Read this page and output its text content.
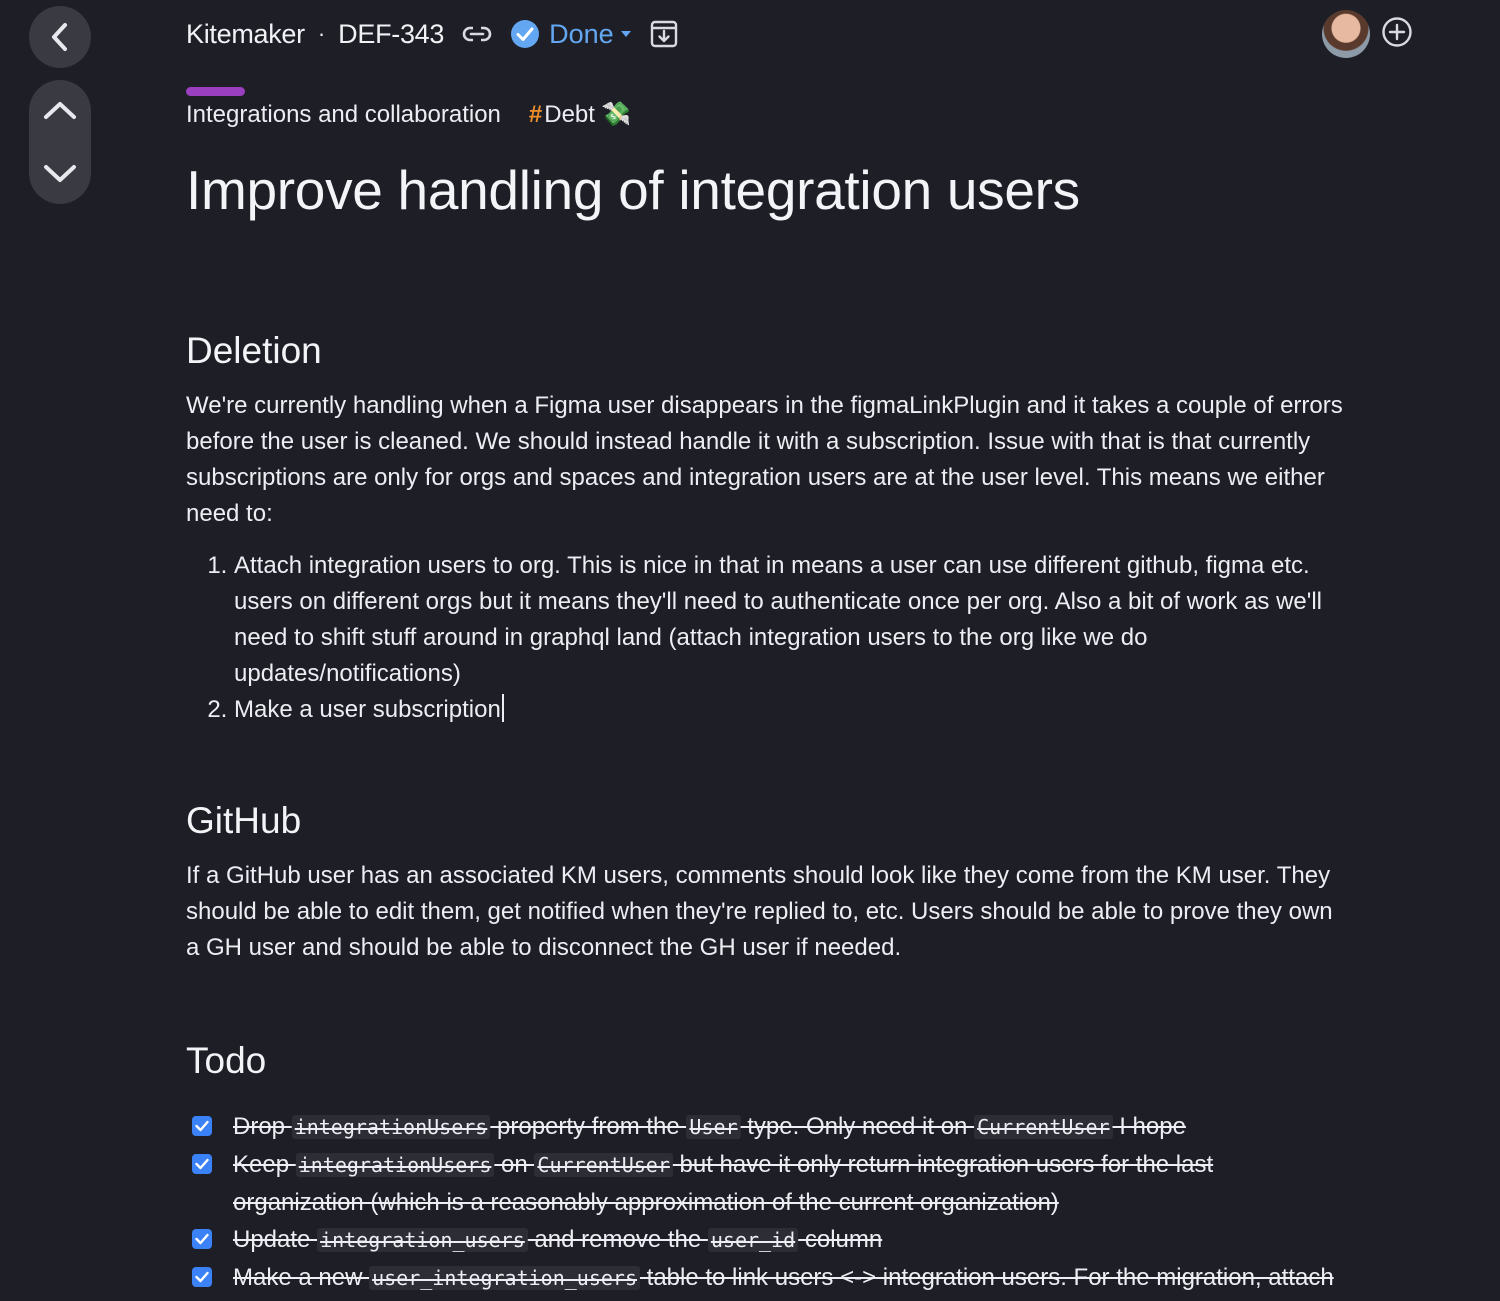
Kitemaker · DEF-343	Done
Integrations and collaboration # Debt 💸
Improve handling of integration users
Deletion

We're currently handling when a Figma user disappears in the figmaLinkPlugin and it takes a couple of errors before the user is cleaned. We should instead handle it with a subscription. Issue with that is that currently subscriptions are only for orgs and spaces and integration users are at the user level. This means we either need to:

1. Attach integration users to org. This is nice in that in means a user can use different github, figma etc. users on different orgs but it means they'll need to authenticate once per org. Also a bit of work as we'll need to shift stuff around in graphql land (attach integration users to the org like we do updates/notifications)
2. Make a user subscription
GitHub

If a GitHub user has an associated KM users, comments should look like they come from the KM user. They should be able to edit them, get notified when they're replied to, etc. Users should be able to prove they own a GH user and should be able to disconnect the GH user if needed.

Todo
Drop integrationUsers property from the User type. Only need it on CurrentUser I hope
Keep integrationUsers on CurrentUser but have it only return integration users for the last organization (which is a reasonably approximation of the current organization)
Update integration_users and remove the user_id column
Make a new user_integration_users table to link users <-> integration users. For the migration, attach
